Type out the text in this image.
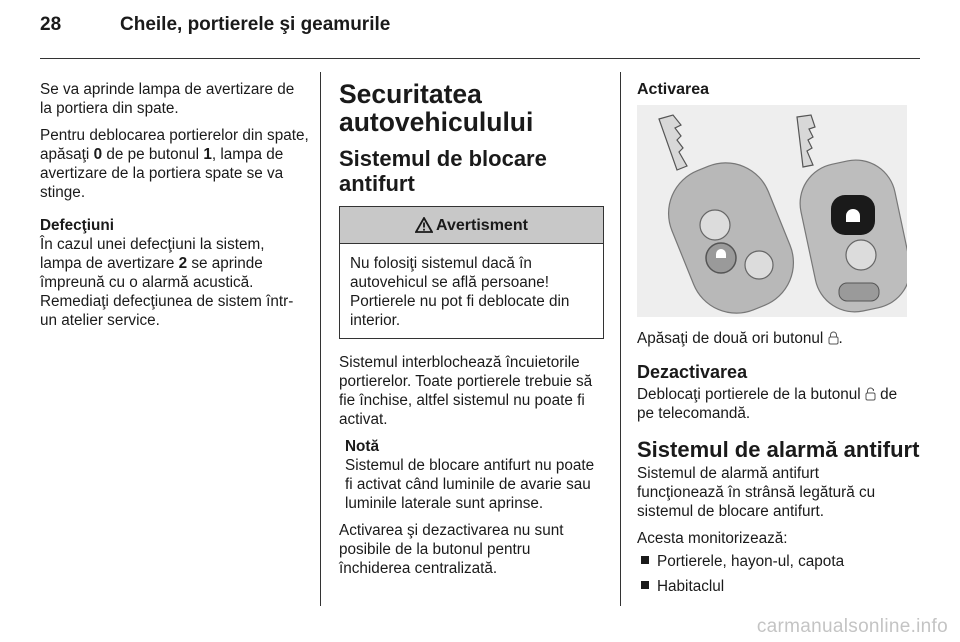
28	Cheile, portierele şi geamurile

Se va aprinde lampa de avertizare de la portiera din spate.

Pentru deblocarea portierelor din spate, apăsaţi 0 de pe butonul 1, lampa de avertizare de la portiera spate se va stinge.

Defecţiuni

În cazul unei defecţiuni la sistem, lampa de avertizare 2 se aprinde împreună cu o alarmă acustică. Remediaţi defecţiunea de sistem într-un atelier service.

Securitatea autovehiculului
Sistemul de blocare antifurt
Avertisment
Nu folosiţi sistemul dacă în autovehicul se află persoane! Portierele nu pot fi deblocate din interior.

Sistemul interblochează încuietorile portierelor. Toate portierele trebuie să fie închise, altfel sistemul nu poate fi activat.

Notă
Sistemul de blocare antifurt nu poate fi activat când luminile de avarie sau luminile laterale sunt aprinse.

Activarea şi dezactivarea nu sunt posibile de la butonul pentru închiderea centralizată.

Activarea

Apăsaţi de două ori butonul .

Dezactivarea

Deblocaţi portierele de la butonul de pe telecomandă.

Sistemul de alarmă antifurt

Sistemul de alarmă antifurt funcţionează în strânsă legătură cu sistemul de blocare antifurt.

Acesta monitorizează:

Portierele, hayon-ul, capota
Habitaclul
carmanualsonline.info
